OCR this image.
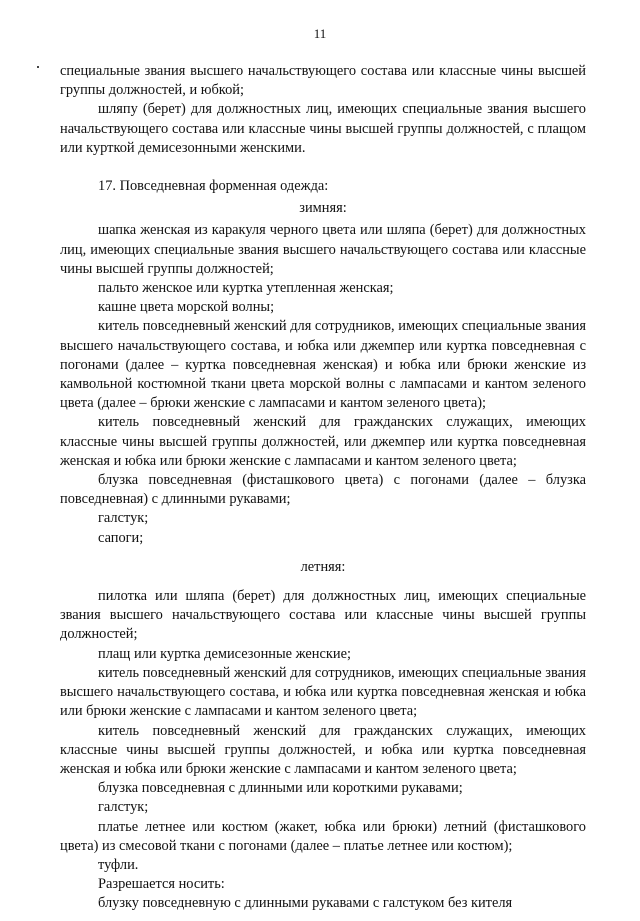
11

специальные звания высшего начальствующего состава или классные чины высшей группы должностей, и юбкой;

шляпу (берет) для должностных лиц, имеющих специальные звания высшего начальствующего состава или классные чины высшей группы должностей, с плащом или курткой демисезонными женскими.

17. Повседневная форменная одежда:

зимняя:

шапка женская из каракуля черного цвета или шляпа (берет) для должностных лиц, имеющих специальные звания высшего начальствующего состава или классные чины высшей группы должностей;

пальто женское или куртка утепленная женская;

кашне цвета морской волны;

китель повседневный женский для сотрудников, имеющих специальные звания высшего начальствующего состава, и юбка или джемпер или куртка повседневная с погонами (далее – куртка повседневная женская) и юбка или брюки женские из камвольной костюмной ткани цвета морской волны с лампасами и кантом зеленого цвета (далее – брюки женские с лампасами и кантом зеленого цвета);

китель повседневный женский для гражданских служащих, имеющих классные чины высшей группы должностей, или джемпер или куртка повседневная женская и юбка или брюки женские с лампасами и кантом зеленого цвета;

блузка повседневная (фисташкового цвета) с погонами (далее – блузка повседневная) с длинными рукавами;

галстук;

сапоги;

летняя:

пилотка или шляпа (берет) для должностных лиц, имеющих специальные звания высшего начальствующего состава или классные чины высшей группы должностей;

плащ или куртка демисезонные женские;

китель повседневный женский для сотрудников, имеющих специальные звания высшего начальствующего состава, и юбка или куртка повседневная женская и юбка или брюки женские с лампасами и кантом зеленого цвета;

китель повседневный женский для гражданских служащих, имеющих классные чины высшей группы должностей, и юбка или куртка повседневная женская и юбка или брюки женские с лампасами и кантом зеленого цвета;

блузка повседневная с длинными или короткими рукавами;

галстук;

платье летнее или костюм (жакет, юбка или брюки) летний (фисташкового цвета) из смесовой ткани с погонами (далее – платье летнее или костюм);

туфли.

Разрешается носить:

блузку повседневную с длинными рукавами с галстуком без кителя
